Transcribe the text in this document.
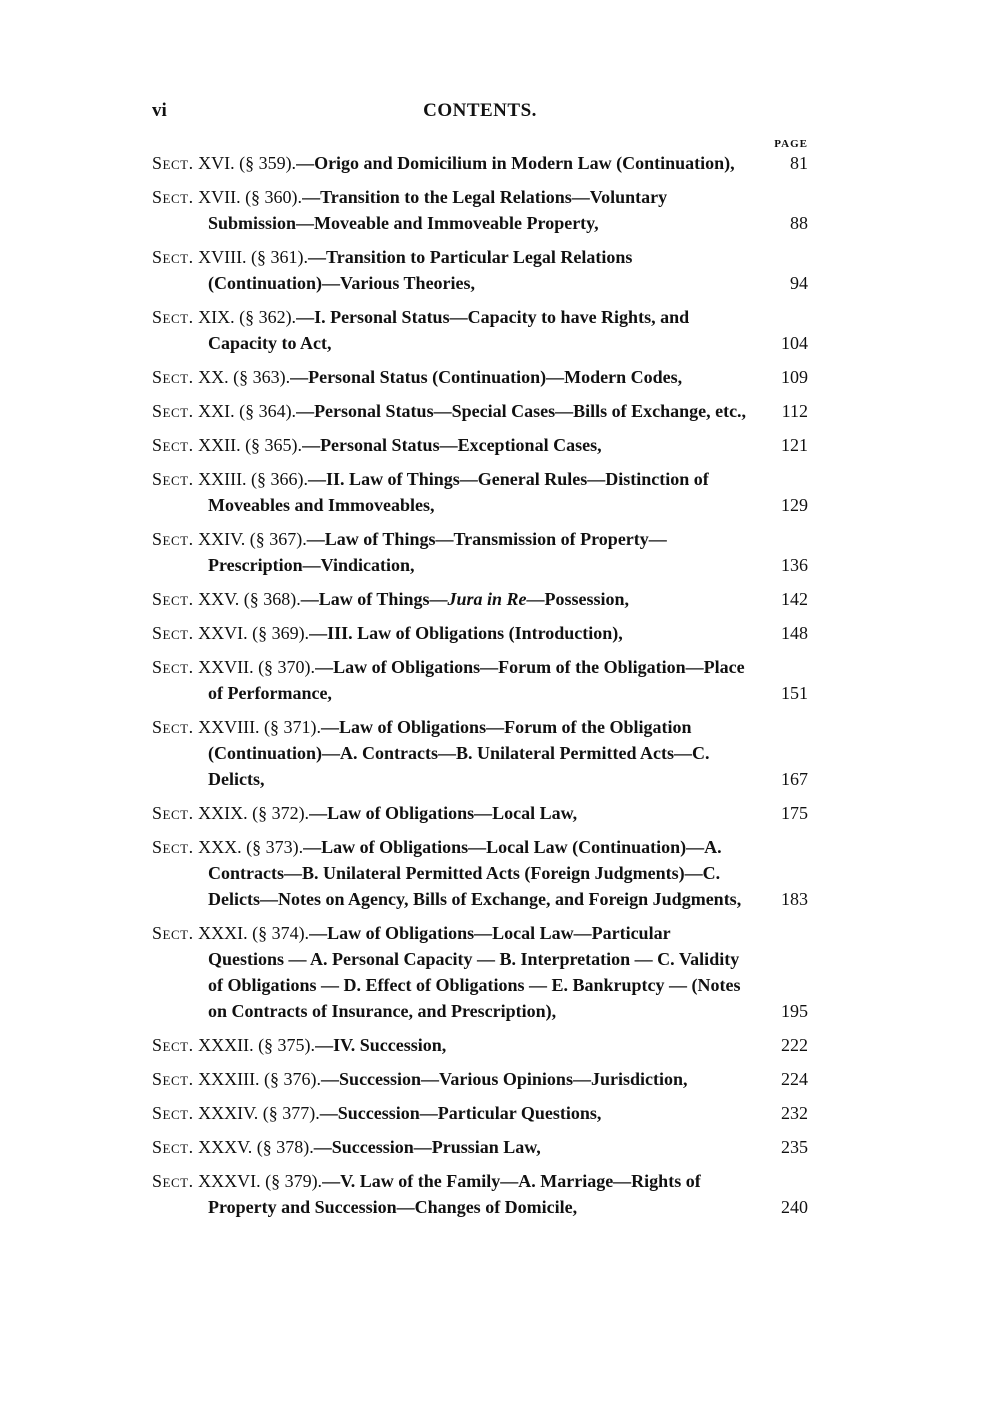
vi	CONTENTS.
PAGE
Sect. XVI. (§ 359).—Origo and Domicilium in Modern Law (Continuation),	81
Sect. XVII. (§ 360).—Transition to the Legal Relations—Voluntary Submission—Moveable and Immoveable Property,	88
Sect. XVIII. (§ 361).—Transition to Particular Legal Relations (Continuation)—Various Theories,	94
Sect. XIX. (§ 362).—I. Personal Status—Capacity to have Rights, and Capacity to Act,	104
Sect. XX. (§ 363).—Personal Status (Continuation)—Modern Codes,	109
Sect. XXI. (§ 364).—Personal Status—Special Cases—Bills of Exchange, etc.,	112
Sect. XXII. (§ 365).—Personal Status—Exceptional Cases,	121
Sect. XXIII. (§ 366).—II. Law of Things—General Rules—Distinction of Moveables and Immoveables,	129
Sect. XXIV. (§ 367).—Law of Things—Transmission of Property—Prescription—Vindication,	136
Sect. XXV. (§ 368).—Law of Things—Jura in Re—Possession,	142
Sect. XXVI. (§ 369).—III. Law of Obligations (Introduction),	148
Sect. XXVII. (§ 370).—Law of Obligations—Forum of the Obligation—Place of Performance,	151
Sect. XXVIII. (§ 371).—Law of Obligations—Forum of the Obligation (Continuation)—A. Contracts—B. Unilateral Permitted Acts—C. Delicts,	167
Sect. XXIX. (§ 372).—Law of Obligations—Local Law,	175
Sect. XXX. (§ 373).—Law of Obligations—Local Law (Continuation)—A. Contracts—B. Unilateral Permitted Acts (Foreign Judgments)—C. Delicts—Notes on Agency, Bills of Exchange, and Foreign Judgments,	183
Sect. XXXI. (§ 374).—Law of Obligations—Local Law—Particular Questions — A. Personal Capacity — B. Interpretation — C. Validity of Obligations — D. Effect of Obligations — E. Bankruptcy — (Notes on Contracts of Insurance, and Prescription),	195
Sect. XXXII. (§ 375).—IV. Succession,	222
Sect. XXXIII. (§ 376).—Succession—Various Opinions—Jurisdiction,	224
Sect. XXXIV. (§ 377).—Succession—Particular Questions,	232
Sect. XXXV. (§ 378).—Succession—Prussian Law,	235
Sect. XXXVI. (§ 379).—V. Law of the Family—A. Marriage—Rights of Property and Succession—Changes of Domicile,	240
